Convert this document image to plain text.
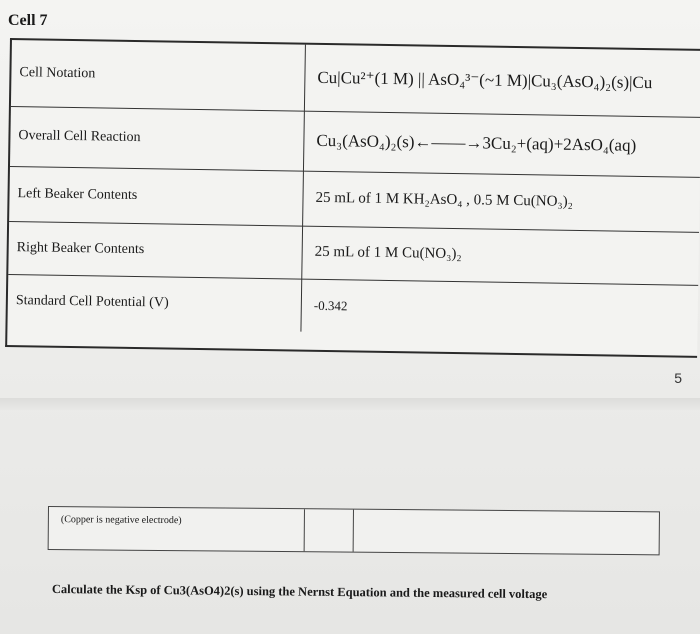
Cell 7
Cell Notation	Cu|Cu²⁺(1 M) || AsO₄³⁻(~1 M)|Cu₃(AsO₄)₂(s)|Cu
Overall Cell Reaction	Cu₃(AsO₄)₂(s)←——→3Cu₂+(aq)+2AsO₄(aq)
Left Beaker Contents	25 mL of 1 M KH₂AsO₄ , 0.5 M Cu(NO₃)₂
Right Beaker Contents	25 mL of 1 M Cu(NO₃)₂
Standard Cell Potential (V)	-0.342
5
(Copper is negative electrode)
Calculate the Ksp of Cu3(AsO4)2(s) using the Nernst Equation and the measured cell voltage
